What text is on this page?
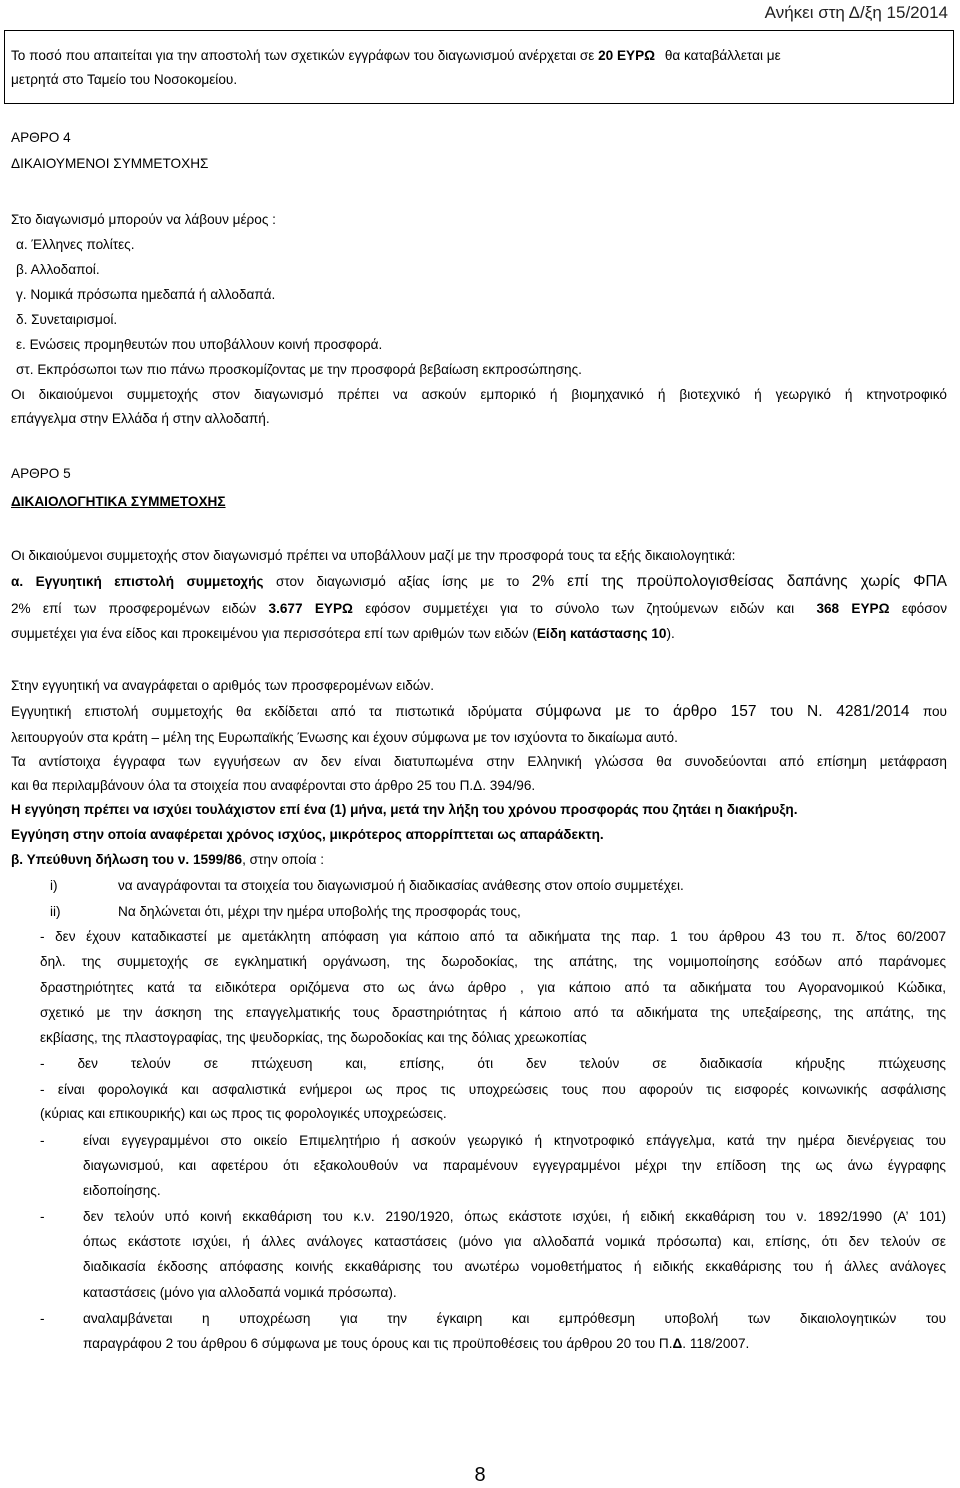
Ανήκει στη Δ/ξη 15/2014
Το ποσό που απαιτείται για την αποστολή των σχετικών εγγράφων του διαγωνισμού ανέρχεται σε 20 ΕΥΡΩ θα καταβάλλεται με
μετρητά στο Ταμείο του Νοσοκομείου.
ΑΡΘΡΟ 4
ΔΙΚΑΙΟΥΜΕΝΟΙ ΣΥΜΜΕΤΟΧΗΣ
Στο διαγωνισμό μπορούν να λάβουν μέρος :
α. Έλληνες πολίτες.
β. Αλλοδαποί.
γ. Νομικά πρόσωπα ημεδαπά ή αλλοδαπά.
δ. Συνεταιρισμοί.
ε. Ενώσεις προμηθευτών που υποβάλλουν κοινή προσφορά.
στ. Εκπρόσωποι των πιο πάνω προσκομίζοντας με την προσφορά βεβαίωση εκπροσώπησης.
Οι δικαιούμενοι συμμετοχής στον διαγωνισμό πρέπει να ασκούν εμπορικό ή βιομηχανικό ή βιοτεχνικό ή γεωργικό ή κτηνοτροφικό
επάγγελμα στην Ελλάδα ή στην αλλοδαπή.
ΑΡΘΡΟ 5
ΔΙΚΑΙΟΛΟΓΗΤΙΚΑ ΣΥΜΜΕΤΟΧΗΣ
Οι δικαιούμενοι συμμετοχής στον διαγωνισμό πρέπει να υποβάλλουν μαζί με την προσφορά τους τα εξής δικαιολογητικά:
α. Εγγυητική επιστολή συμμετοχής στον διαγωνισμό αξίας ίσης με το 2% επί της προϋπολογισθείσας δαπάνης χωρίς ΦΠΑ
2% επί των προσφερομένων ειδών 3.677 ΕΥΡΩ εφόσον συμμετέχει για το σύνολο των ζητούμενων ειδών και 368 ΕΥΡΩ εφόσον
συμμετέχει για ένα είδος και προκειμένου για περισσότερα επί των αριθμών των ειδών (Είδη κατάστασης 10).
Στην εγγυητική να αναγράφεται ο αριθμός των προσφερομένων ειδών.
Εγγυητική επιστολή συμμετοχής θα εκδίδεται από τα πιστωτικά ιδρύματα σύμφωνα με το άρθρο 157 του Ν. 4281/2014 που
λειτουργούν στα κράτη – μέλη της Ευρωπαϊκής Ένωσης και έχουν σύμφωνα με τον ισχύοντα το δικαίωμα αυτό.
Τα αντίστοιχα έγγραφα των εγγυήσεων αν δεν είναι διατυπωμένα στην Ελληνική γλώσσα θα συνοδεύονται από επίσημη μετάφραση
και θα περιλαμβάνουν όλα τα στοιχεία που αναφέρονται στο άρθρο 25 του Π.Δ. 394/96.
Η εγγύηση πρέπει να ισχύει τουλάχιστον επί ένα (1) μήνα, μετά την λήξη του χρόνου προσφοράς που ζητάει η διακήρυξη.
Εγγύηση στην οποία αναφέρεται χρόνος ισχύος, μικρότερος απορρίπτεται ως απαράδεκτη.
β. Υπεύθυνη δήλωση του ν. 1599/86, στην οποία :
i)	να αναγράφονται τα στοιχεία του διαγωνισμού ή διαδικασίας ανάθεσης στον οποίο συμμετέχει.
ii)	Να δηλώνεται ότι, μέχρι την ημέρα υποβολής της προσφοράς τους,
- δεν έχουν καταδικαστεί με αμετάκλητη απόφαση για κάποιο από τα αδικήματα της παρ. 1 του άρθρου 43 του π. δ/τος 60/2007
δηλ. της συμμετοχής σε εγκληματική οργάνωση, της δωροδοκίας, της απάτης, της νομιμοποίησης εσόδων από παράνομες
δραστηριότητες κατά τα ειδικότερα οριζόμενα στο ως άνω άρθρο , για κάποιο από τα αδικήματα του Αγορανομικού Κώδικα,
σχετικό με την άσκηση της επαγγελματικής τους δραστηριότητας ή κάποιο από τα αδικήματα της υπεξαίρεσης, της απάτης, της
εκβίασης, της πλαστογραφίας, της ψευδορκίας, της δωροδοκίας και της δόλιας χρεωκοπίας
- δεν τελούν σε πτώχευση και, επίσης, ότι δεν τελούν σε διαδικασία κήρυξης πτώχευσης
- είναι φορολογικά και ασφαλιστικά ενήμεροι ως προς τις υποχρεώσεις τους που αφορούν τις εισφορές κοινωνικής ασφάλισης
(κύριας και επικουρικής) και ως προς τις φορολογικές υποχρεώσεις.
-	είναι εγγεγραμμένοι στο οικείο Επιμελητήριο ή ασκούν γεωργικό ή κτηνοτροφικό επάγγελμα, κατά την ημέρα διενέργειας του
διαγωνισμού, και αφετέρου ότι εξακολουθούν να παραμένουν εγγεγραμμένοι μέχρι την επίδοση της ως άνω έγγραφης
ειδοποίησης.
-	δεν τελούν υπό κοινή εκκαθάριση του κ.ν. 2190/1920, όπως εκάστοτε ισχύει, ή ειδική εκκαθάριση του ν. 1892/1990 (Α’ 101)
όπως εκάστοτε ισχύει, ή άλλες ανάλογες καταστάσεις (μόνο για αλλοδαπά νομικά πρόσωπα) και, επίσης, ότι δεν τελούν σε
διαδικασία έκδοσης απόφασης κοινής εκκαθάρισης του ανωτέρω νομοθετήματος ή ειδικής εκκαθάρισης του ή άλλες ανάλογες
καταστάσεις (μόνο για αλλοδαπά νομικά πρόσωπα).
-	αναλαμβάνεται η υποχρέωση για την έγκαιρη και εμπρόθεσμη υποβολή των δικαιολογητικών του
παραγράφου 2 του άρθρου 6 σύμφωνα με τους όρους και τις προϋποθέσεις του άρθρου 20 του Π.Δ. 118/2007.
8
